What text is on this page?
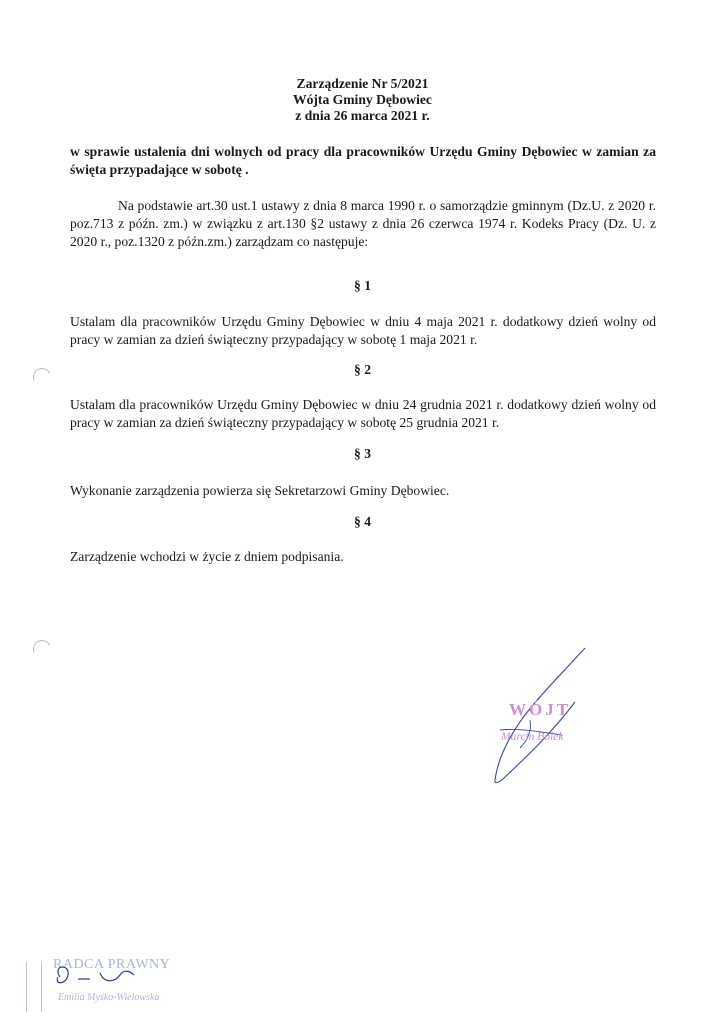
Zarządzenie Nr 5/2021
Wójta Gminy Dębowiec
z dnia 26 marca 2021 r.
w sprawie ustalenia dni wolnych od pracy dla pracowników Urzędu Gminy Dębowiec w zamian za święta przypadające w sobotę .

Na podstawie art.30 ust.1 ustawy z dnia 8 marca 1990 r. o samorządzie gminnym (Dz.U. z 2020 r. poz.713 z późn. zm.) w związku z art.130 §2 ustawy z dnia 26 czerwca 1974 r. Kodeks Pracy (Dz. U. z 2020 r., poz.1320 z późn.zm.) zarządzam co następuje:

§ 1

Ustalam dla pracowników Urzędu Gminy Dębowiec w dniu 4 maja 2021 r. dodatkowy dzień wolny od pracy w zamian za dzień świąteczny przypadający w sobotę 1 maja 2021 r.

§ 2

Ustalam dla pracowników Urzędu Gminy Dębowiec w dniu 24 grudnia 2021 r. dodatkowy dzień wolny od pracy w zamian za dzień świąteczny przypadający w sobotę 25 grudnia 2021 r.

§ 3

Wykonanie zarządzenia powierza się Sekretarzowi Gminy Dębowiec.

§ 4

Zarządzenie wchodzi w życie z dniem podpisania.

WÓJT
Marcin Bolek
RADCA PRAWNY
Emilia Myśko-Wielowska
